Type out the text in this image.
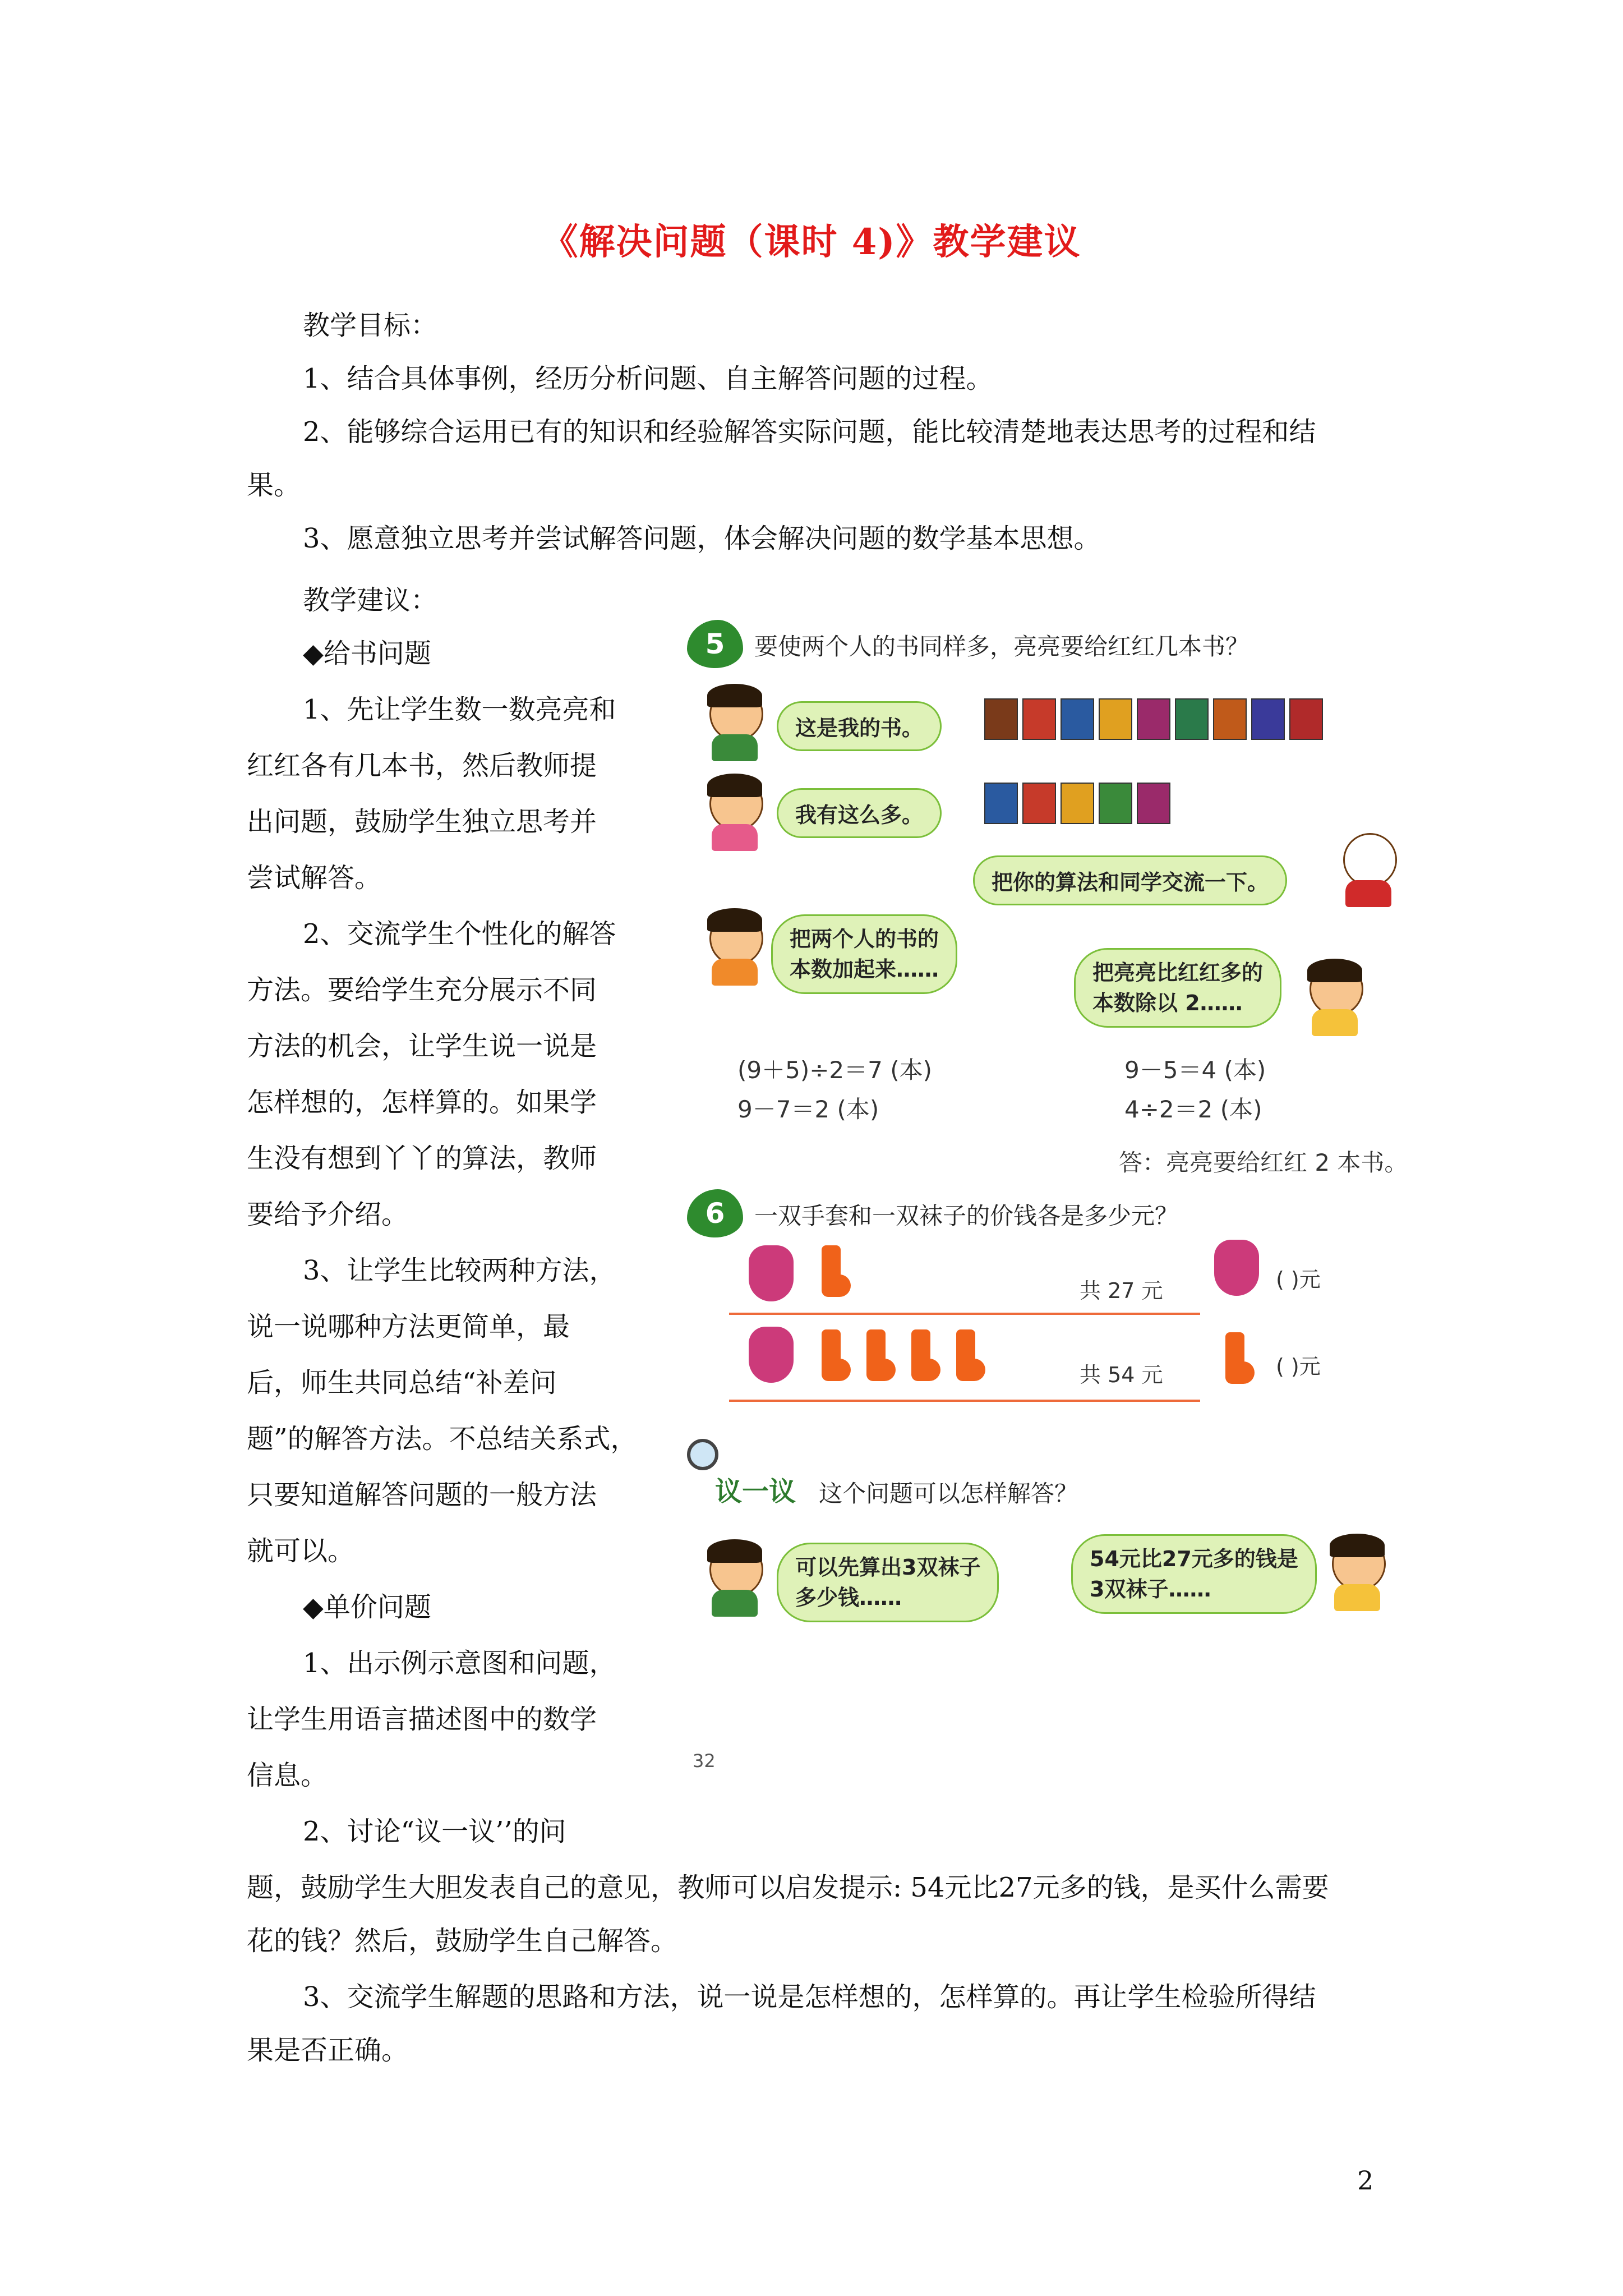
《解决问题（课时 4)》教学建议
教学目标：
1、结合具体事例，经历分析问题、自主解答问题的过程。
2、能够综合运用已有的知识和经验解答实际问题，能比较清楚地表达思考的过程和结
果。
3、愿意独立思考并尝试解答问题，体会解决问题的数学基本思想。
教学建议：
◆给书问题
1、先让学生数一数亮亮和
红红各有几本书，然后教师提
出问题，鼓励学生独立思考并
尝试解答。
2、交流学生个性化的解答
方法。要给学生充分展示不同
方法的机会，让学生说一说是
怎样想的，怎样算的。如果学
生没有想到丫丫的算法，教师
要给予介绍。
3、让学生比较两种方法，
说一说哪种方法更简单，最
后，师生共同总结“补差问
题”的解答方法。不总结关系式，
只要知道解答问题的一般方法
就可以。
◆单价问题
1、出示例示意图和问题，
让学生用语言描述图中的数学
信息。
2、讨论“议一议’’的问
题，鼓励学生大胆发表自己的意见，教师可以启发提示: 54元比27元多的钱，是买什么需要
花的钱？然后，鼓励学生自己解答。
3、交流学生解题的思路和方法，说一说是怎样想的，怎样算的。再让学生检验所得结
果是否正确。
2
5	要使两个人的书同样多，亮亮要给红红几本书？
这是我的书。
我有这么多。
把你的算法和同学交流一下。
把两个人的书的
本数加起来……	把亮亮比红红多的
本数除以 2……
(9＋5)÷2＝7 (本)
9－7＝2 (本)
9－5＝4 (本)
4÷2＝2 (本)
答：亮亮要给红红 2 本书。
6	一双手套和一双袜子的价钱各是多少元？
共 27 元	( )元
共 54 元	( )元
议一议 这个问题可以怎样解答？
可以先算出3双袜子
多少钱……
54元比27元多的钱是
3双袜子……
32
